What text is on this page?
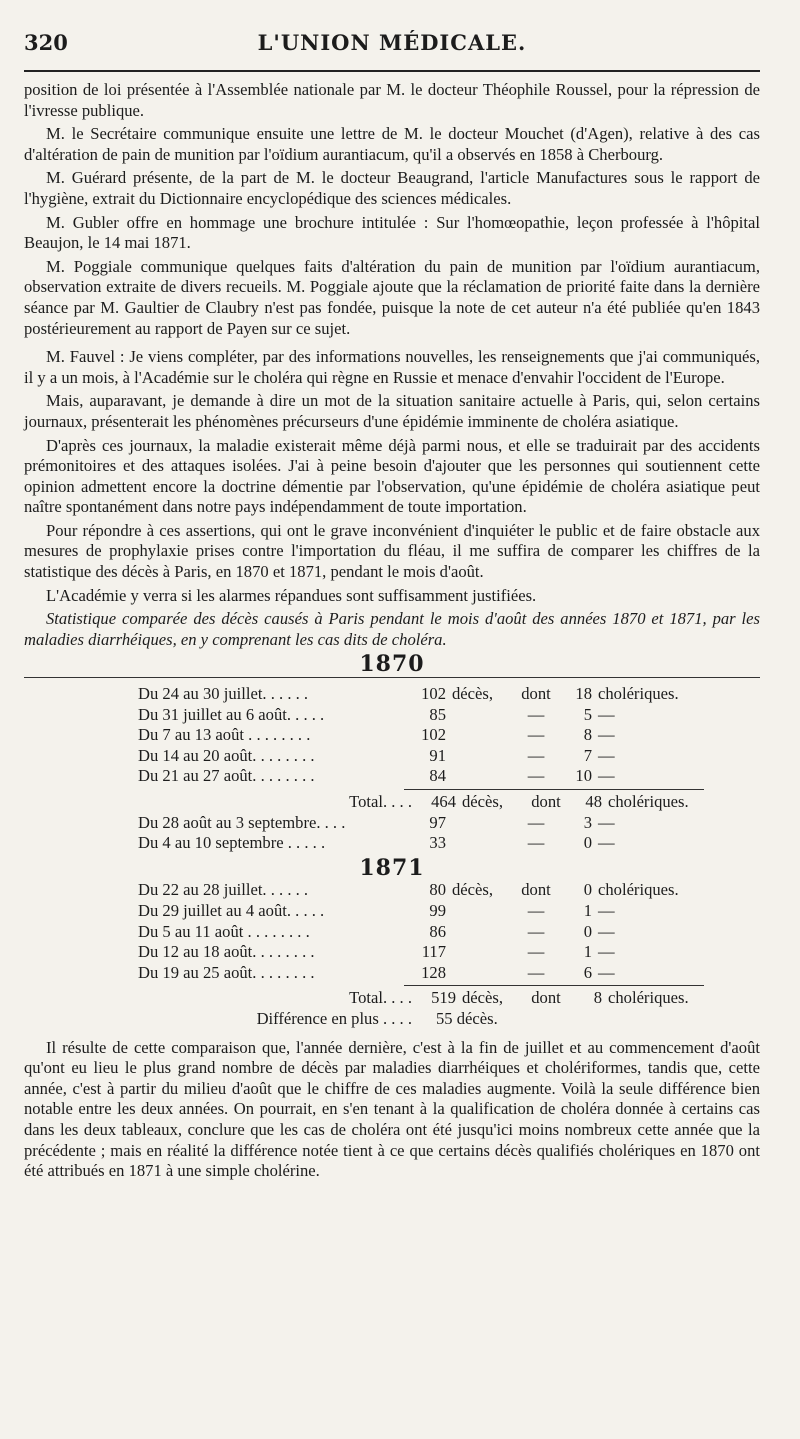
320	L'UNION MÉDICALE.

position de loi présentée à l'Assemblée nationale par M. le docteur Théophile Roussel, pour la répression de l'ivresse publique.

M. le Secrétaire communique ensuite une lettre de M. le docteur Mouchet (d'Agen), relative à des cas d'altération de pain de munition par l'oïdium aurantiacum, qu'il a observés en 1858 à Cherbourg.

M. Guérard présente, de la part de M. le docteur Beaugrand, l'article Manufactures sous le rapport de l'hygiène, extrait du Dictionnaire encyclopédique des sciences médicales.

M. Gubler offre en hommage une brochure intitulée : Sur l'homœopathie, leçon professée à l'hôpital Beaujon, le 14 mai 1871.

M. Poggiale communique quelques faits d'altération du pain de munition par l'oïdium aurantiacum, observation extraite de divers recueils. M. Poggiale ajoute que la réclamation de priorité faite dans la dernière séance par M. Gaultier de Claubry n'est pas fondée, puisque la note de cet auteur n'a été publiée qu'en 1843 postérieurement au rapport de Payen sur ce sujet.

M. Fauvel : Je viens compléter, par des informations nouvelles, les renseignements que j'ai communiqués, il y a un mois, à l'Académie sur le choléra qui règne en Russie et menace d'envahir l'occident de l'Europe.

Mais, auparavant, je demande à dire un mot de la situation sanitaire actuelle à Paris, qui, selon certains journaux, présenterait les phénomènes précurseurs d'une épidémie imminente de choléra asiatique.

D'après ces journaux, la maladie existerait même déjà parmi nous, et elle se traduirait par des accidents prémonitoires et des attaques isolées. J'ai à peine besoin d'ajouter que les personnes qui soutiennent cette opinion admettent encore la doctrine démentie par l'observation, qu'une épidémie de choléra asiatique peut naître spontanément dans notre pays indépendamment de toute importation.

Pour répondre à ces assertions, qui ont le grave inconvénient d'inquiéter le public et de faire obstacle aux mesures de prophylaxie prises contre l'importation du fléau, il me suffira de comparer les chiffres de la statistique des décès à Paris, en 1870 et 1871, pendant le mois d'août.

L'Académie y verra si les alarmes répandues sont suffisamment justifiées.

Statistique comparée des décès causés à Paris pendant le mois d'août des années 1870 et 1871, par les maladies diarrhéiques, en y comprenant les cas dits de choléra.

1870
Du 24 au 30 juillet. . . . . .	102	décès,	dont	18	cholériques.
Du 31 juillet au 6 août. . . . .	85		—	5	—
Du 7 au 13 août . . . . . . . .	102		—	8	—
Du 14 au 20 août. . . . . . . .	91		—	7	—
Du 21 au 27 août. . . . . . . .	84		—	10	—
Total. . . .	464	décès,	dont	48	cholériques.
Du 28 août au 3 septembre. . . .	97		—	3	—
Du 4 au 10 septembre . . . . .	33		—	0	—
1871
Du 22 au 28 juillet. . . . . .	80	décès,	dont	0	cholériques.
Du 29 juillet au 4 août. . . . .	99		—	1	—
Du 5 au 11 août . . . . . . . .	86		—	0	—
Du 12 au 18 août. . . . . . . .	117		—	1	—
Du 19 au 25 août. . . . . . . .	128		—	6	—
Total. . . .	519	décès,	dont	8	cholériques.
Différence en plus . . . .	55 décès.				

Il résulte de cette comparaison que, l'année dernière, c'est à la fin de juillet et au commencement d'août qu'ont eu lieu le plus grand nombre de décès par maladies diarrhéiques et cholériformes, tandis que, cette année, c'est à partir du milieu d'août que le chiffre de ces maladies augmente. Voilà la seule différence bien notable entre les deux années. On pourrait, en s'en tenant à la qualification de choléra donnée à certains cas dans les deux tableaux, conclure que les cas de choléra ont été jusqu'ici moins nombreux cette année que la précédente ; mais en réalité la différence notée tient à ce que certains décès qualifiés cholériques en 1870 ont été attribués en 1871 à une simple cholérine.
